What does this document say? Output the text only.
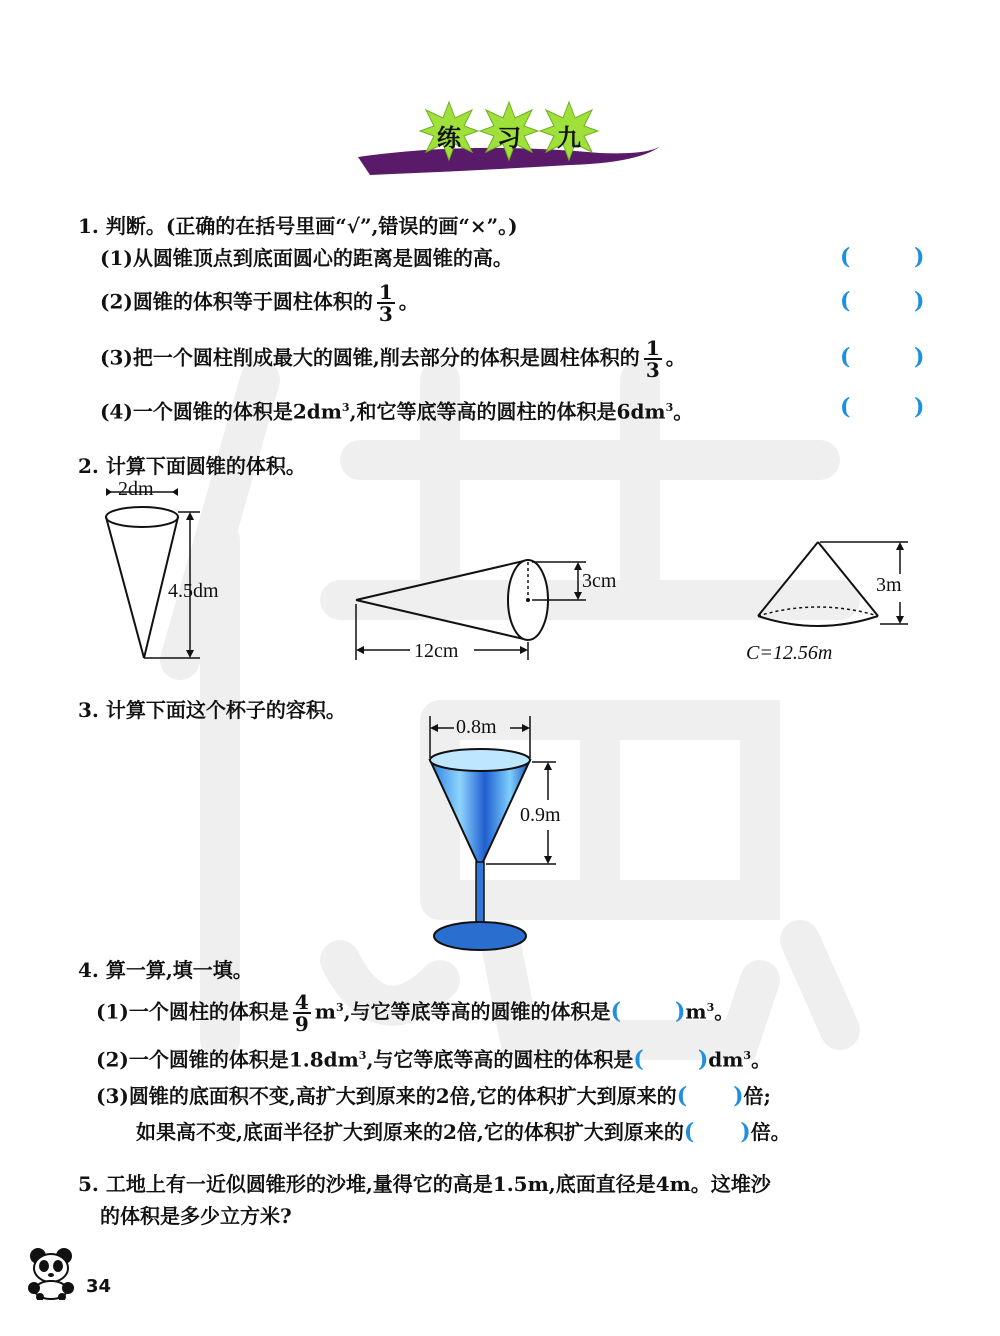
练	习	九
1. 判断。(正确的在括号里画“√”,错误的画“×”。)
(1)从圆锥顶点到底面圆心的距离是圆锥的高。	(	)
(2)圆锥的体积等于圆柱体积的 $\frac{1}{3}$ 。	(	)
(3)把一个圆柱削成最大的圆锥,削去部分的体积是圆柱体积的 $\frac{1}{3}$ 。	(	)
(4)一个圆锥的体积是$2dm^3$,和它等底等高的圆柱的体积是$6dm^3$。	(	)
2. 计算下面圆锥的体积。
2dm
4.5dm	3cm
12cm
3m
C=12.56m
3. 计算下面这个杯子的容积。
0.8m
0.9m
4. 算一算,填一填。
(1)一个圆柱的体积是 $\frac{4}{9} m^3$,与它等底等高的圆锥的体积是( )$m^3$。
(2)一个圆锥的体积是$1.8dm^3$,与它等底等高的圆柱的体积是( )$dm^3$。
(3)圆锥的底面积不变,高扩大到原来的2倍,它的体积扩大到原来的( )倍;
如果高不变,底面半径扩大到原来的2倍,它的体积扩大到原来的( )倍。
5. 工地上有一近似圆锥形的沙堆,量得它的高是1.5m,底面直径是4m。这堆沙
的体积是多少立方米?
34
